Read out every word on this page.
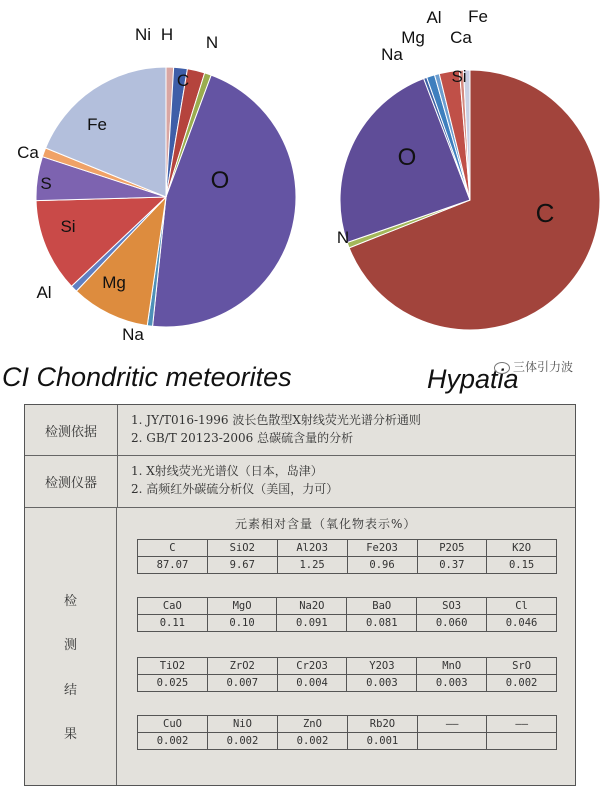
Ni H
C
N
O
Na
Mg
Al
Si
S
Ca
Fe
C
N
O
Na
Mg
Al
Si
Ca
Fe
CI Chondritic meteorites	Hypatia
三体引力波
检测依据
1. JY/T016-1996 波长色散型X射线荧光光谱分析通则
2. GB/T 20123-2006 总碳硫含量的分析
检测仪器
1. X射线荧光光谱仪（日本，岛津）
2. 高频红外碳硫分析仪（美国，力可）
检
测
结
果
元素相对含量（氧化物表示%）
C	SiO2	Al2O3	Fe2O3	P2O5	K2O
87.07	9.67	1.25	0.96	0.37	0.15
CaO	MgO	Na2O	BaO	SO3	Cl
0.11	0.10	0.091	0.081	0.060	0.046
TiO2	ZrO2	Cr2O3	Y2O3	MnO	SrO
0.025	0.007	0.004	0.003	0.003	0.002
CuO	NiO	ZnO	Rb2O	——	——
0.002	0.002	0.002	0.001		
